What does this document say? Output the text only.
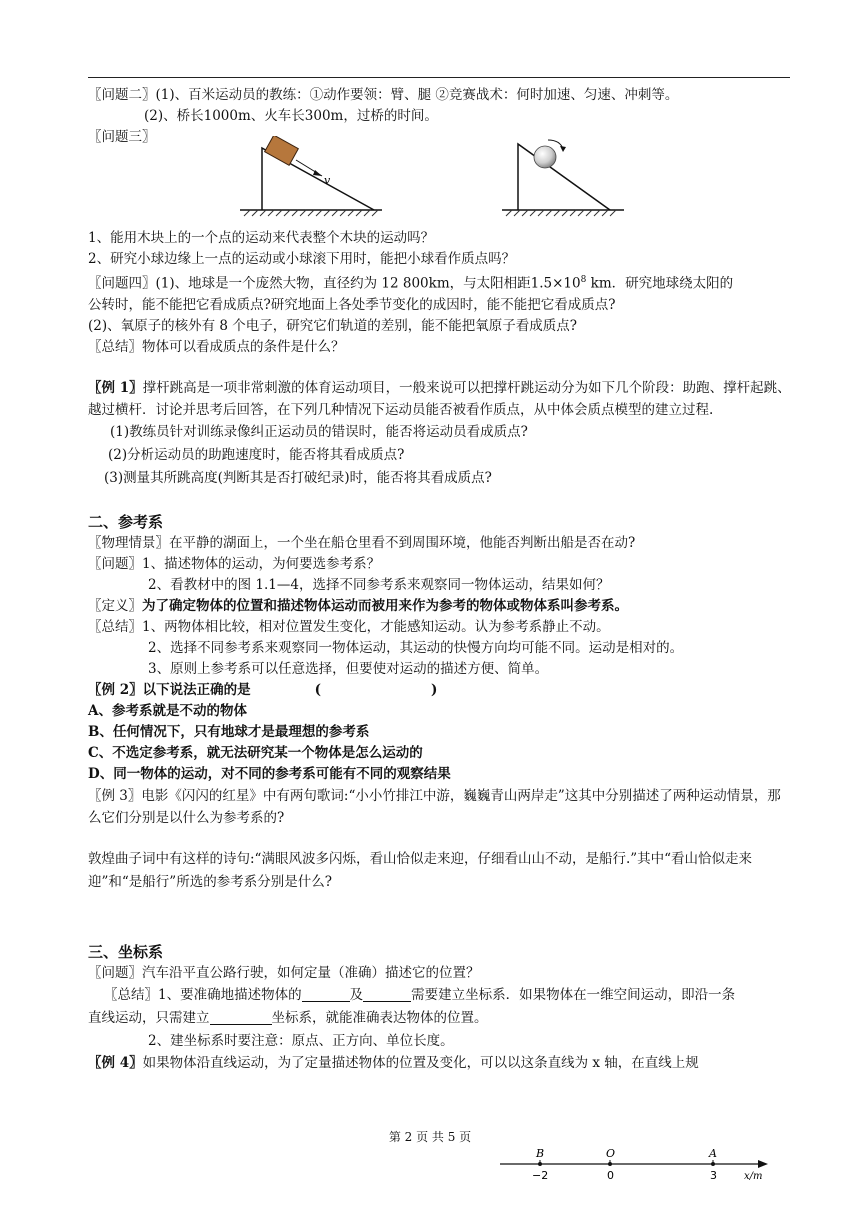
〖问题二〗(1)、百米运动员的教练：①动作要领：臂、腿 ②竞赛战术：何时加速、匀速、冲刺等。
(2)、桥长1000m、火车长300m，过桥的时间。
〖问题三〗
v
1、能用木块上的一个点的运动来代表整个木块的运动吗？
2、研究小球边缘上一点的运动或小球滚下用时，能把小球看作质点吗？
〖问题四〗(1)、地球是一个庞然大物，直径约为 12 800km，与太阳相距$1.5\times 10^8$ km．研究地球绕太阳的
公转时，能不能把它看成质点?研究地面上各处季节变化的成因时，能不能把它看成质点?
(2)、氧原子的核外有 8 个电子，研究它们轨道的差别，能不能把氧原子看成质点?
〖总结〗物体可以看成质点的条件是什么？
〖例 1〗撑杆跳高是一项非常刺激的体育运动项目，一般来说可以把撑杆跳运动分为如下几个阶段：助跑、撑杆起跳、越过横杆．讨论并思考后回答，在下列几种情况下运动员能否被看作质点，从中体会质点模型的建立过程.
(1)教练员针对训练录像纠正运动员的错误时，能否将运动员看成质点?
(2)分析运动员的助跑速度时，能否将其看成质点?
(3)测量其所跳高度(判断其是否打破纪录)时，能否将其看成质点?
二、参考系
〖物理情景〗在平静的湖面上，一个坐在船仓里看不到周围环境，他能否判断出船是否在动?
〖问题〗1、描述物体的运动，为何要选参考系？
2、看教材中的图 1.1—4，选择不同参考系来观察同一物体运动，结果如何？
〖定义〗为了确定物体的位置和描述物体运动而被用来作为参考的物体或物体系叫参考系。
〖总结〗1、两物体相比较，相对位置发生变化，才能感知运动。认为参考系静止不动。
2、选择不同参考系来观察同一物体运动，其运动的快慢方向均可能不同。运动是相对的。
3、原则上参考系可以任意选择，但要使对运动的描述方便、简单。
〖例 2〗以下说法正确的是	(	)
A、参考系就是不动的物体
B、任何情况下，只有地球才是最理想的参考系
C、不选定参考系，就无法研究某一个物体是怎么运动的
D、同一物体的运动，对不同的参考系可能有不同的观察结果
〖例 3〗电影《闪闪的红星》中有两句歌词:“小小竹排江中游，巍巍青山两岸走”这其中分别描述了两种运动情景，那么它们分别是以什么为参考系的?
敦煌曲子词中有这样的诗句:“满眼风波多闪烁，看山恰似走来迎，仔细看山山不动，是船行.”其中“看山恰似走来迎”和“是船行”所选的参考系分别是什么?
三、坐标系
〖问题〗汽车沿平直公路行驶，如何定量（准确）描述它的位置？
〖总结〗1、要准确地描述物体的	及	需要建立坐标系．如果物体在一维空间运动，即沿一条
直线运动，只需建立	坐标系，就能准确表达物体的位置。
2、建坐标系时要注意：原点、正方向、单位长度。
〖例 4〗如果物体沿直线运动，为了定量描述物体的位置及变化，可以以这条直线为 x 轴，在直线上规
第 2 页 共 5 页
B	O	A
−2	0	3	x/m
